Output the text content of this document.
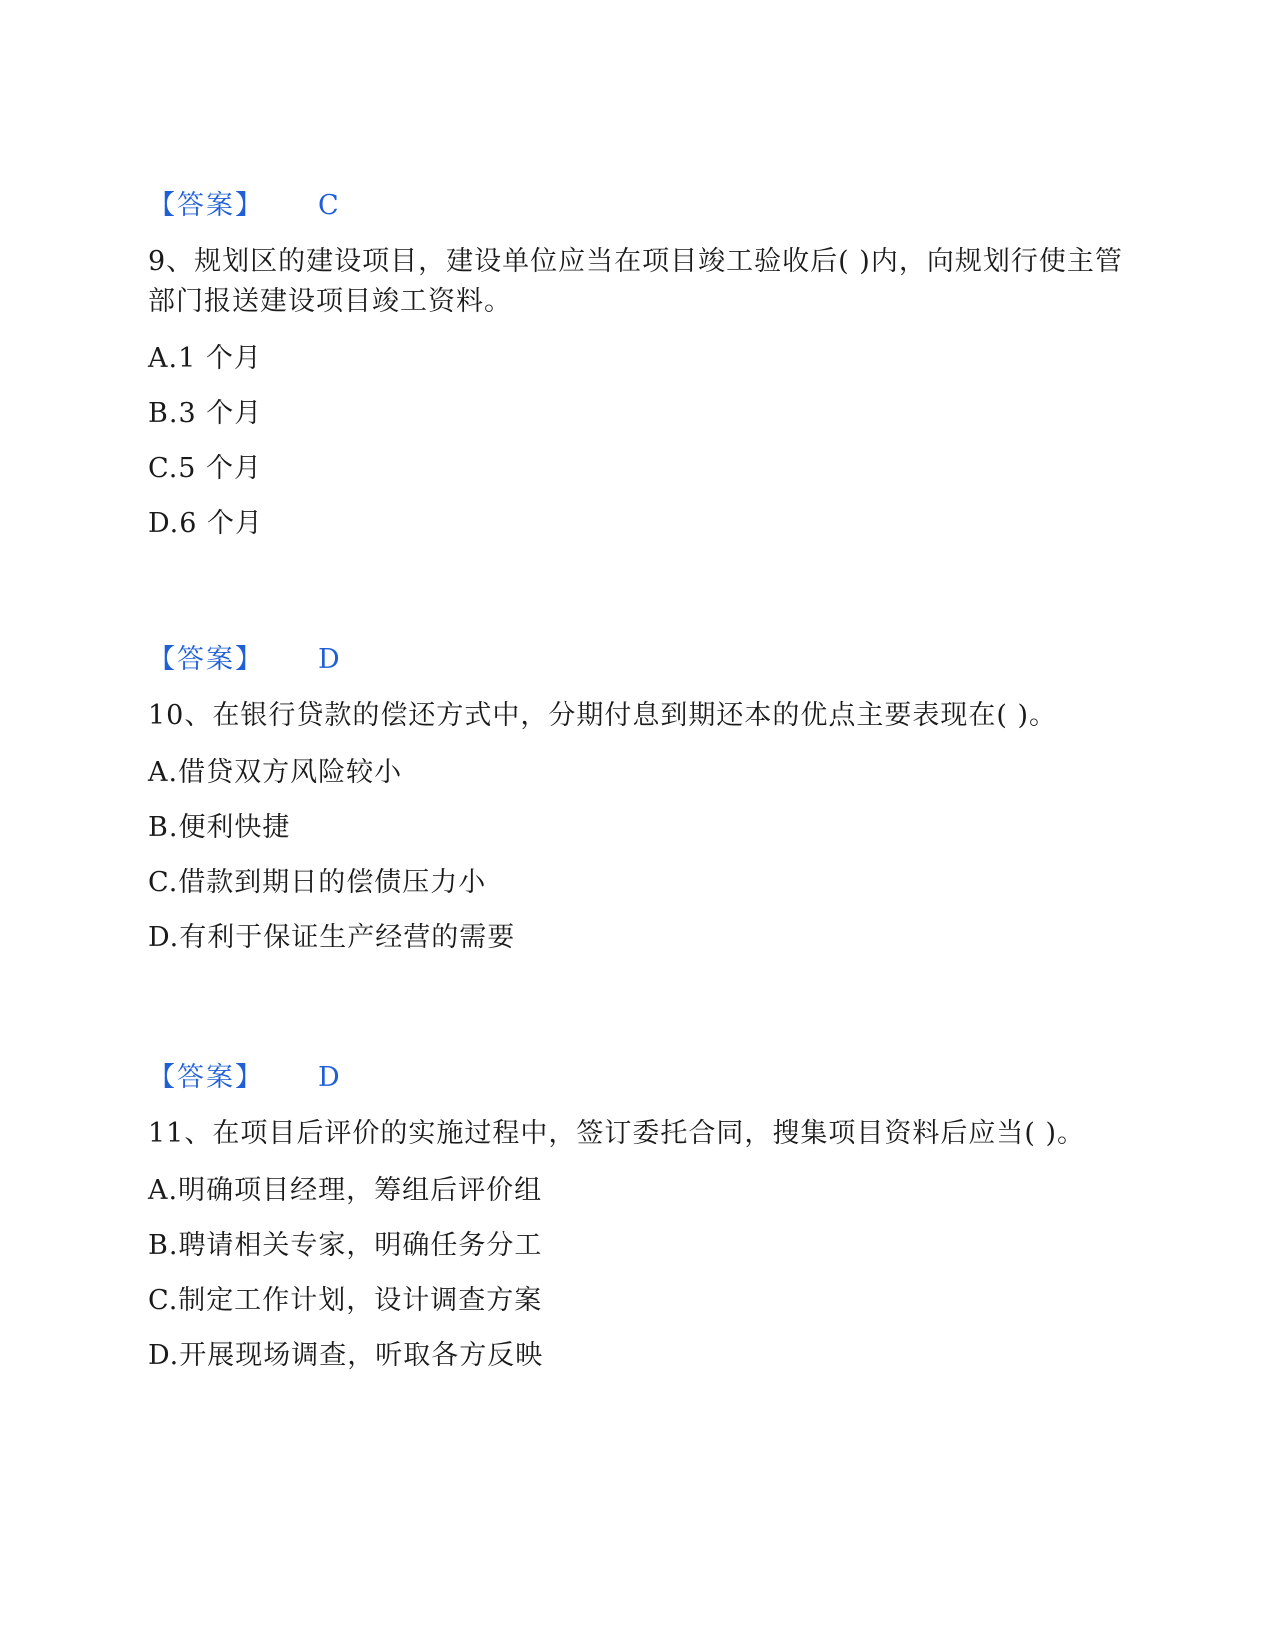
【答案】 C
9、规划区的建设项目，建设单位应当在项目竣工验收后( )内，向规划行使主管部门报送建设项目竣工资料。
A.1 个月
B.3 个月
C.5 个月
D.6 个月
【答案】 D
10、在银行贷款的偿还方式中，分期付息到期还本的优点主要表现在( )。
A.借贷双方风险较小
B.便利快捷
C.借款到期日的偿债压力小
D.有利于保证生产经营的需要
【答案】 D
11、在项目后评价的实施过程中，签订委托合同，搜集项目资料后应当( )。
A.明确项目经理，筹组后评价组
B.聘请相关专家，明确任务分工
C.制定工作计划，设计调查方案
D.开展现场调查，听取各方反映
